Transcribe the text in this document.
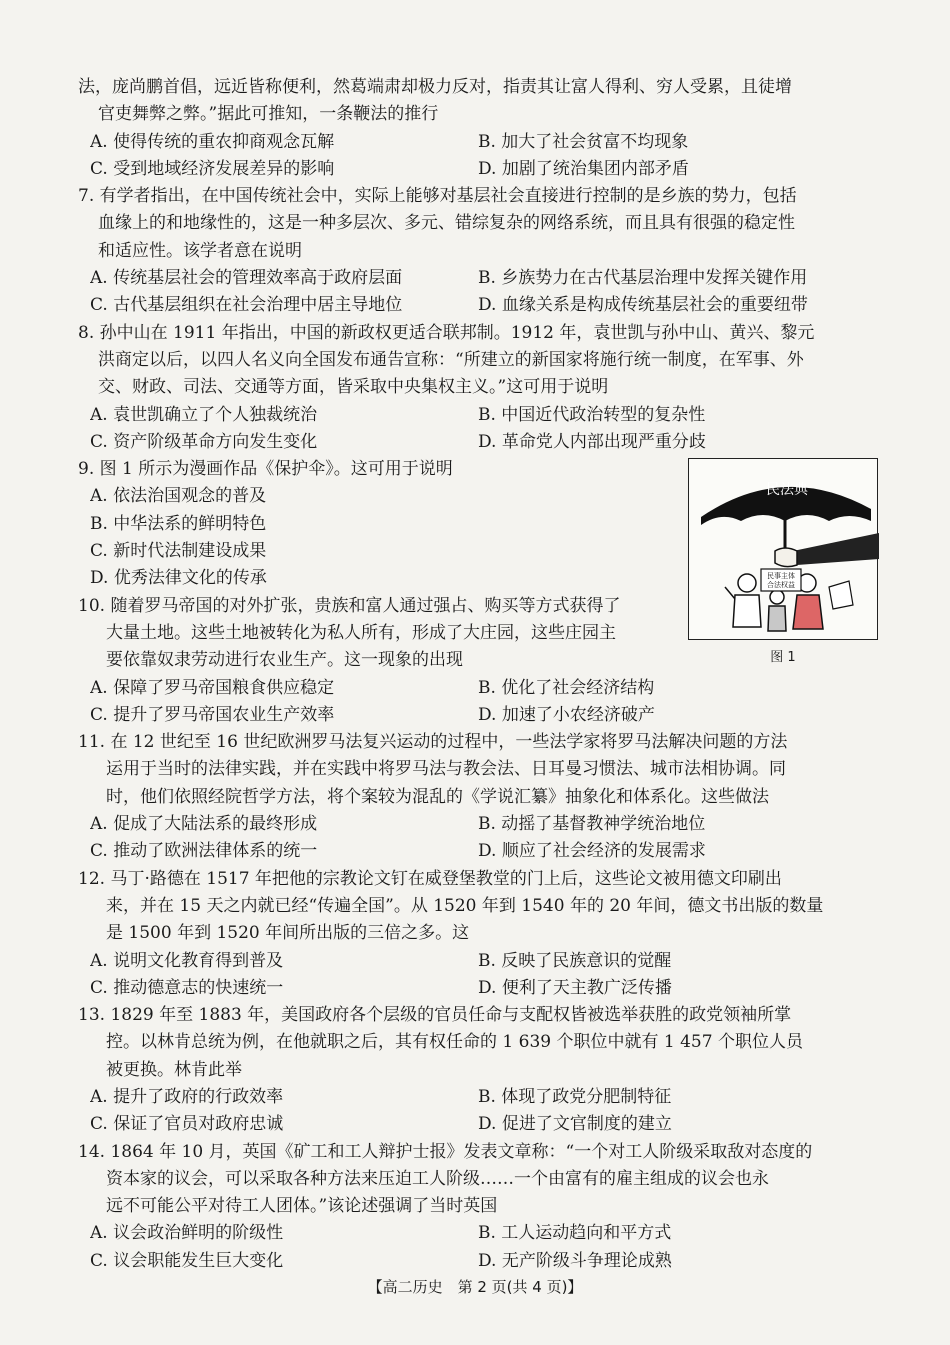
法，庞尚鹏首倡，远近皆称便利，然葛端肃却极力反对，指责其让富人得利、穷人受累，且徒增
官吏舞弊之弊。”据此可推知，一条鞭法的推行

A. 使得传统的重农抑商观念瓦解	B. 加大了社会贫富不均现象
C. 受到地域经济发展差异的影响	D. 加剧了统治集团内部矛盾

7. 有学者指出，在中国传统社会中，实际上能够对基层社会直接进行控制的是乡族的势力，包括
血缘上的和地缘性的，这是一种多层次、多元、错综复杂的网络系统，而且具有很强的稳定性
和适应性。该学者意在说明

A. 传统基层社会的管理效率高于政府层面	B. 乡族势力在古代基层治理中发挥关键作用
C. 古代基层组织在社会治理中居主导地位	D. 血缘关系是构成传统基层社会的重要纽带

8. 孙中山在 1911 年指出，中国的新政权更适合联邦制。1912 年，袁世凯与孙中山、黄兴、黎元
洪商定以后，以四人名义向全国发布通告宣称：“所建立的新国家将施行统一制度，在军事、外
交、财政、司法、交通等方面，皆采取中央集权主义。”这可用于说明

A. 袁世凯确立了个人独裁统治	B. 中国近代政治转型的复杂性
C. 资产阶级革命方向发生变化	D. 革命党人内部出现严重分歧

9. 图 1 所示为漫画作品《保护伞》。这可用于说明

A. 依法治国观念的普及
B. 中华法系的鲜明特色
C. 新时代法制建设成果
D. 优秀法律文化的传承

10. 随着罗马帝国的对外扩张，贵族和富人通过强占、购买等方式获得了
大量土地。这些土地被转化为私人所有，形成了大庄园，这些庄园主
要依靠奴隶劳动进行农业生产。这一现象的出现

A. 保障了罗马帝国粮食供应稳定	B. 优化了社会经济结构
C. 提升了罗马帝国农业生产效率	D. 加速了小农经济破产

11. 在 12 世纪至 16 世纪欧洲罗马法复兴运动的过程中，一些法学家将罗马法解决问题的方法
运用于当时的法律实践，并在实践中将罗马法与教会法、日耳曼习惯法、城市法相协调。同
时，他们依照经院哲学方法，将个案较为混乱的《学说汇纂》抽象化和体系化。这些做法

A. 促成了大陆法系的最终形成	B. 动摇了基督教神学统治地位
C. 推动了欧洲法律体系的统一	D. 顺应了社会经济的发展需求

12. 马丁·路德在 1517 年把他的宗教论文钉在威登堡教堂的门上后，这些论文被用德文印刷出
来，并在 15 天之内就已经“传遍全国”。从 1520 年到 1540 年的 20 年间，德文书出版的数量
是 1500 年到 1520 年间所出版的三倍之多。这

A. 说明文化教育得到普及	B. 反映了民族意识的觉醒
C. 推动德意志的快速统一	D. 便利了天主教广泛传播

13. 1829 年至 1883 年，美国政府各个层级的官员任命与支配权皆被选举获胜的政党领袖所掌
控。以林肯总统为例，在他就职之后，其有权任命的 1 639 个职位中就有 1 457 个职位人员
被更换。林肯此举

A. 提升了政府的行政效率	B. 体现了政党分肥制特征
C. 保证了官员对政府忠诚	D. 促进了文官制度的建立

14. 1864 年 10 月，英国《矿工和工人辩护士报》发表文章称：“一个对工人阶级采取敌对态度的
资本家的议会，可以采取各种方法来压迫工人阶级……一个由富有的雇主组成的议会也永
远不可能公平对待工人团体。”该论述强调了当时英国

A. 议会政治鲜明的阶级性	B. 工人运动趋向和平方式
C. 议会职能发生巨大变化	D. 无产阶级斗争理论成熟
民法典
民事主体
合法权益
图 1
【高二历史　第 2 页(共 4 页)】
